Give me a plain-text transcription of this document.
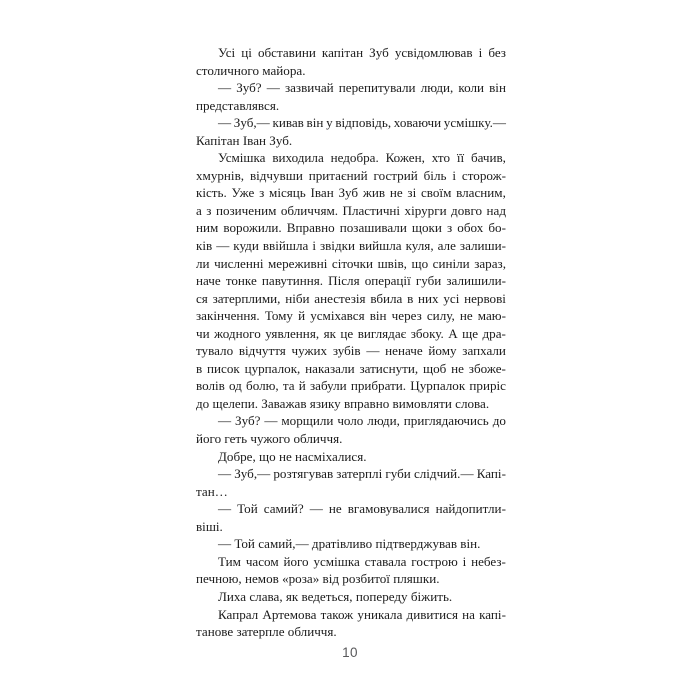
Усі ці обставини капітан Зуб усвідомлював і без
столичного майора.
— Зуб? — зазвичай перепитували люди, коли він
представлявся.
— Зуб,— кивав він у відповідь, ховаючи усмішку.—
Капітан Іван Зуб.
Усмішка виходила недобра. Кожен, хто її бачив,
хмурнів, відчувши притаєний гострий біль і сторож-
кість. Уже з місяць Іван Зуб жив не зі своїм власним,
а з позиченим обличчям. Пластичні хірурги довго над
ним ворожили. Вправно позашивали щоки з обох бо-
ків — куди ввійшла і звідки вийшла куля, але залиши-
ли численні мереживні сіточки швів, що синіли зараз,
наче тонке павутиння. Після операції губи залишили-
ся затерплими, ніби анестезія вбила в них усі нервові
закінчення. Тому й усміхався він через силу, не маю-
чи жодного уявлення, як це виглядає збоку. А ще дра-
тувало відчуття чужих зубів — неначе йому запхали
в писок цурпалок, наказали затиснути, щоб не збоже-
волів од болю, та й забули прибрати. Цурпалок приріс
до щелепи. Заважав язику вправно вимовляти слова.
— Зуб? — морщили чоло люди, приглядаючись до
його геть чужого обличчя.
Добре, що не насміхалися.
— Зуб,— розтягував затерплі губи слідчий.— Капі-
тан…
— Той самий? — не вгамовувалися найдопитли-
віші.
— Той самий,— дратівливо підтверджував він.
Тим часом його усмішка ставала гострою і небез-
печною, немов «роза» від розбитої пляшки.
Лиха слава, як ведеться, попереду біжить.
Капрал Артемова також уникала дивитися на капі-
танове затерпле обличчя.
10
